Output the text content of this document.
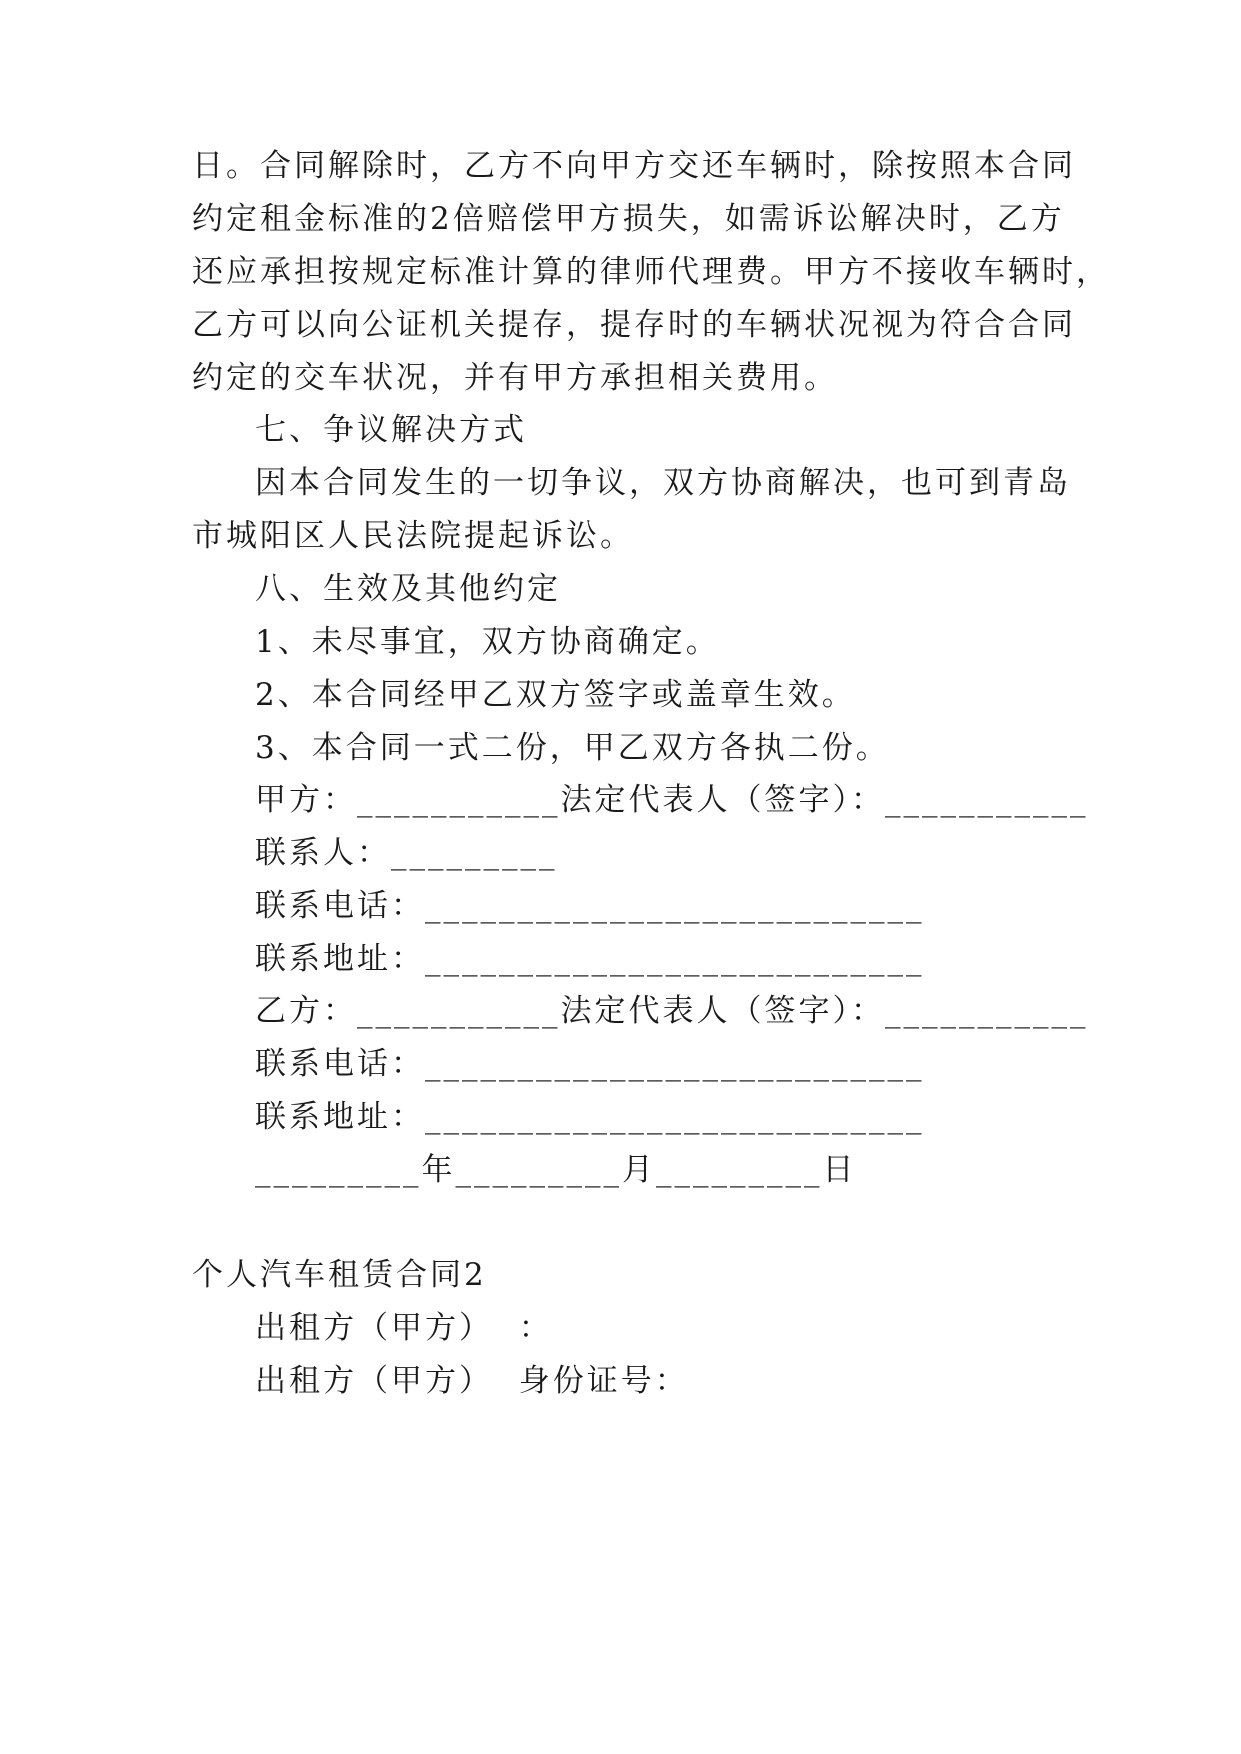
日。合同解除时，乙方不向甲方交还车辆时，除按照本合同
约定租金标准的2倍赔偿甲方损失，如需诉讼解决时，乙方
还应承担按规定标准计算的律师代理费。甲方不接收车辆时，
乙方可以向公证机关提存，提存时的车辆状况视为符合合同
约定的交车状况，并有甲方承担相关费用。
七、争议解决方式
因本合同发生的一切争议，双方协商解决，也可到青岛
市城阳区人民法院提起诉讼。
八、生效及其他约定
1、未尽事宜，双方协商确定。
2、本合同经甲乙双方签字或盖章生效。
3、本合同一式二份，甲乙双方各执二份。
甲方：___________法定代表人（签字）：___________
联系人：_________
联系电话：___________________________
联系地址：___________________________
乙方：___________法定代表人（签字）：___________
联系电话：___________________________
联系地址：___________________________
_________年_________月_________日
个人汽车租赁合同2
出租方（甲方）  ：
出租方（甲方）  身份证号：
